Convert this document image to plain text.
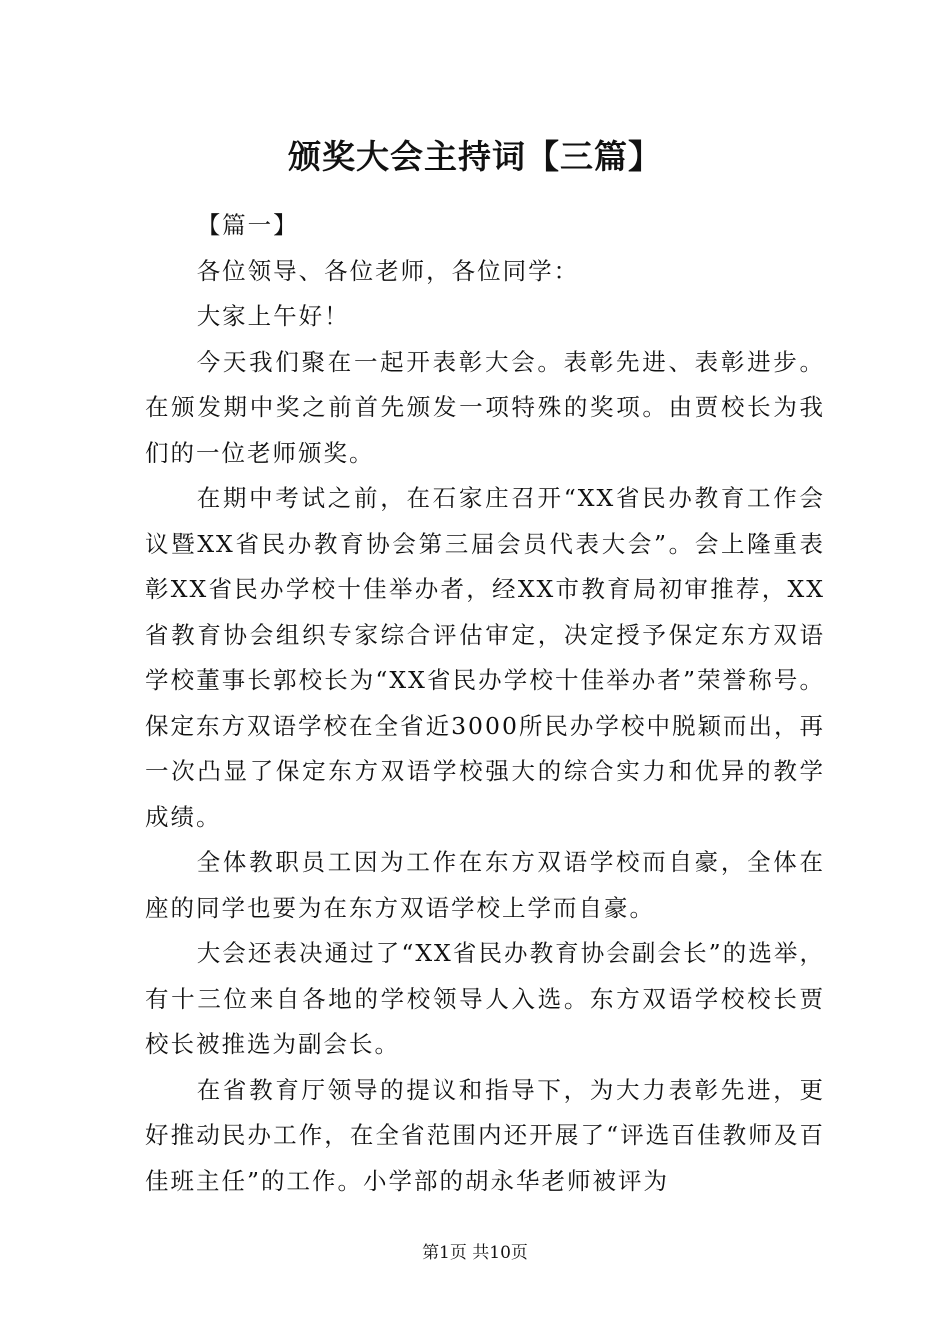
颁奖大会主持词【三篇】

【篇一】

各位领导、各位老师，各位同学：

大家上午好！

今天我们聚在一起开表彰大会。表彰先进、表彰进步。在颁发期中奖之前首先颁发一项特殊的奖项。由贾校长为我们的一位老师颁奖。

在期中考试之前，在石家庄召开“XX省民办教育工作会议暨XX省民办教育协会第三届会员代表大会”。会上隆重表彰XX省民办学校十佳举办者，经XX市教育局初审推荐，XX省教育协会组织专家综合评估审定，决定授予保定东方双语学校董事长郭校长为“XX省民办学校十佳举办者”荣誉称号。保定东方双语学校在全省近3000所民办学校中脱颖而出，再一次凸显了保定东方双语学校强大的综合实力和优异的教学成绩。

全体教职员工因为工作在东方双语学校而自豪，全体在座的同学也要为在东方双语学校上学而自豪。

大会还表决通过了“XX省民办教育协会副会长”的选举，有十三位来自各地的学校领导人入选。东方双语学校校长贾校长被推选为副会长。

在省教育厅领导的提议和指导下，为大力表彰先进，更好推动民办工作，在全省范围内还开展了“评选百佳教师及百佳班主任”的工作。小学部的胡永华老师被评为

第1页 共10页
